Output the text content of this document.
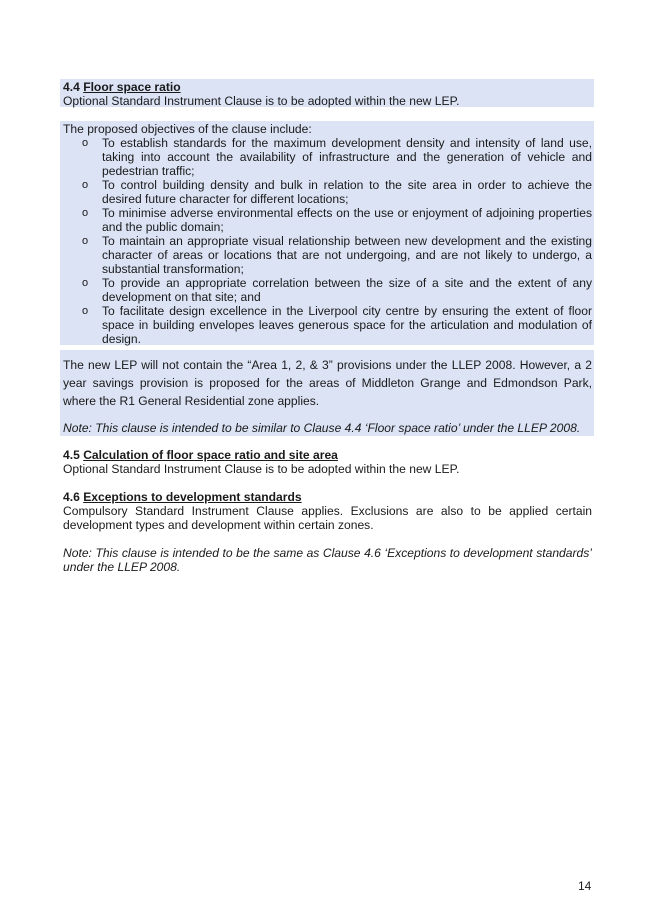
4.4 Floor space ratio
Optional Standard Instrument Clause is to be adopted within the new LEP.
The proposed objectives of the clause include:
o To establish standards for the maximum development density and intensity of land use, taking into account the availability of infrastructure and the generation of vehicle and pedestrian traffic;
o To control building density and bulk in relation to the site area in order to achieve the desired future character for different locations;
o To minimise adverse environmental effects on the use or enjoyment of adjoining properties and the public domain;
o To maintain an appropriate visual relationship between new development and the existing character of areas or locations that are not undergoing, and are not likely to undergo, a substantial transformation;
o To provide an appropriate correlation between the size of a site and the extent of any development on that site; and
o To facilitate design excellence in the Liverpool city centre by ensuring the extent of floor space in building envelopes leaves generous space for the articulation and modulation of design.
The new LEP will not contain the “Area 1, 2, & 3” provisions under the LLEP 2008. However, a 2 year savings provision is proposed for the areas of Middleton Grange and Edmondson Park, where the R1 General Residential zone applies.
Note: This clause is intended to be similar to Clause 4.4 ‘Floor space ratio’ under the LLEP 2008.
4.5 Calculation of floor space ratio and site area
Optional Standard Instrument Clause is to be adopted within the new LEP.
4.6 Exceptions to development standards
Compulsory Standard Instrument Clause applies. Exclusions are also to be applied certain development types and development within certain zones.
Note: This clause is intended to be the same as Clause 4.6 ‘Exceptions to development standards’ under the LLEP 2008.
14
